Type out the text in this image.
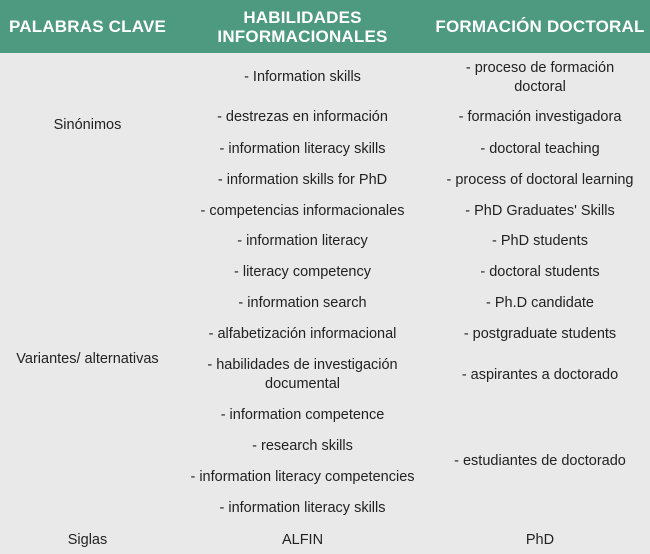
PALABRAS CLAVE	HABILIDADES
INFORMACIONALES	FORMACIÓN DOCTORAL
Sinónimos
Variantes/ alternativas
Siglas
- Information skills
- destrezas en información
- information literacy skills
- information skills for PhD
- competencias informacionales
- information literacy
- literacy competency
- information search
- alfabetización informacional
- habilidades de investigación
documental
- information competence
- research skills
- information literacy competencies
- information literacy skills
ALFIN
- proceso de formación
doctoral
- formación investigadora
- doctoral teaching
- process of doctoral learning
- PhD Graduates' Skills
- PhD students
- doctoral students
- Ph.D candidate
- postgraduate students
- aspirantes a doctorado
- estudiantes de doctorado
PhD
